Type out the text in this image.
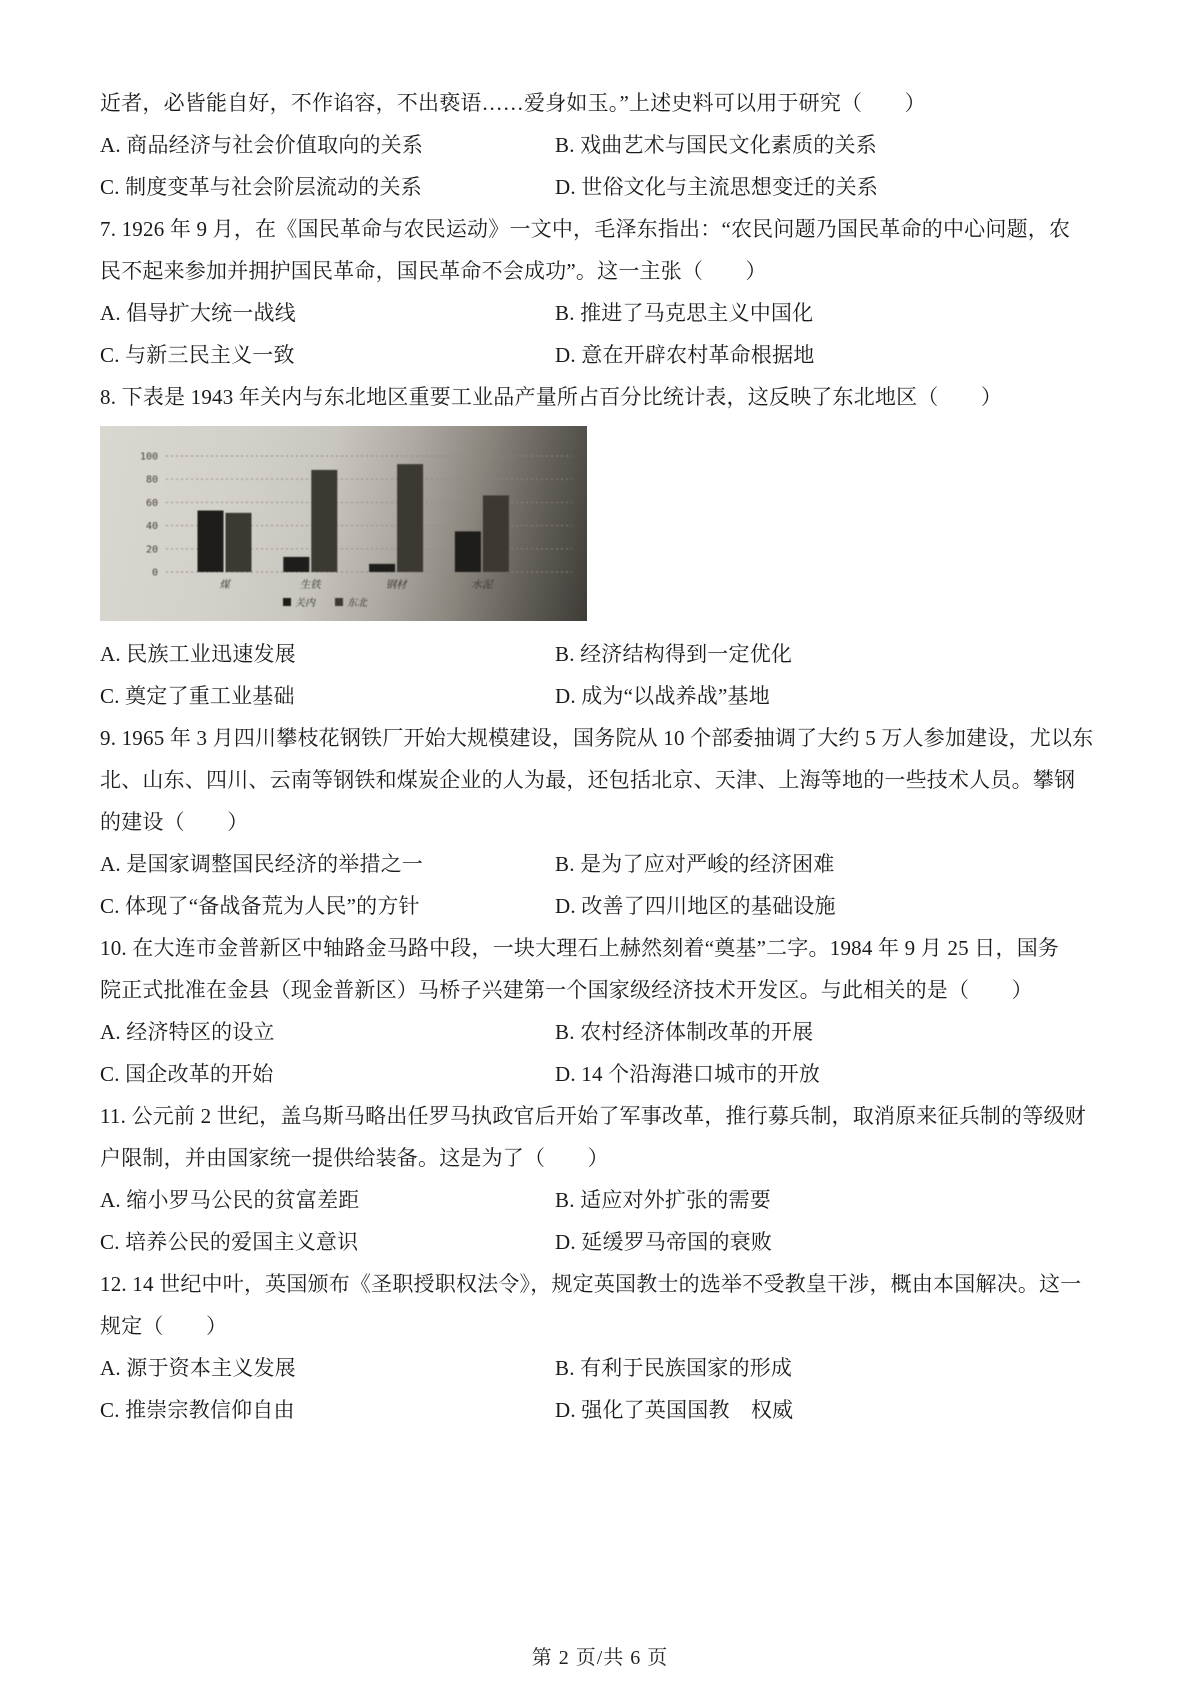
近者，必皆能自好，不作谄容，不出亵语……爱身如玉。”上述史料可以用于研究（　　）
A. 商品经济与社会价值取向的关系	B. 戏曲艺术与国民文化素质的关系
C. 制度变革与社会阶层流动的关系	D. 世俗文化与主流思想变迁的关系
7. 1926 年 9 月，在《国民革命与农民运动》一文中，毛泽东指出：“农民问题乃国民革命的中心问题，农
民不起来参加并拥护国民革命，国民革命不会成功”。这一主张（　　）
A. 倡导扩大统一战线	B. 推进了马克思主义中国化
C. 与新三民主义一致	D. 意在开辟农村革命根据地
8. 下表是 1943 年关内与东北地区重要工业品产量所占百分比统计表，这反映了东北地区（　　）
0
20
40
60
80
100
煤	生铁	钢材	水泥
关内	东北
A. 民族工业迅速发展	B. 经济结构得到一定优化
C. 奠定了重工业基础	D. 成为“以战养战”基地
9. 1965 年 3 月四川攀枝花钢铁厂开始大规模建设，国务院从 10 个部委抽调了大约 5 万人参加建设，尤以东
北、山东、四川、云南等钢铁和煤炭企业的人为最，还包括北京、天津、上海等地的一些技术人员。攀钢
的建设（　　）
A. 是国家调整国民经济的举措之一	B. 是为了应对严峻的经济困难
C. 体现了“备战备荒为人民”的方针	D. 改善了四川地区的基础设施
10. 在大连市金普新区中轴路金马路中段，一块大理石上赫然刻着“奠基”二字。1984 年 9 月 25 日，国务
院正式批准在金县（现金普新区）马桥子兴建第一个国家级经济技术开发区。与此相关的是（　　）
A. 经济特区的设立	B. 农村经济体制改革的开展
C. 国企改革的开始	D. 14 个沿海港口城市的开放
11. 公元前 2 世纪，盖乌斯马略出任罗马执政官后开始了军事改革，推行募兵制，取消原来征兵制的等级财
户限制，并由国家统一提供给装备。这是为了（　　）
A. 缩小罗马公民的贫富差距	B. 适应对外扩张的需要
C. 培养公民的爱国主义意识	D. 延缓罗马帝国的衰败
12. 14 世纪中叶，英国颁布《圣职授职权法令》，规定英国教士的选举不受教皇干涉，概由本国解决。这一
规定（　　）
A. 源于资本主义发展	B. 有利于民族国家的形成
C. 推崇宗教信仰自由	D. 强化了英国国教　权威
第 2 页/共 6 页
